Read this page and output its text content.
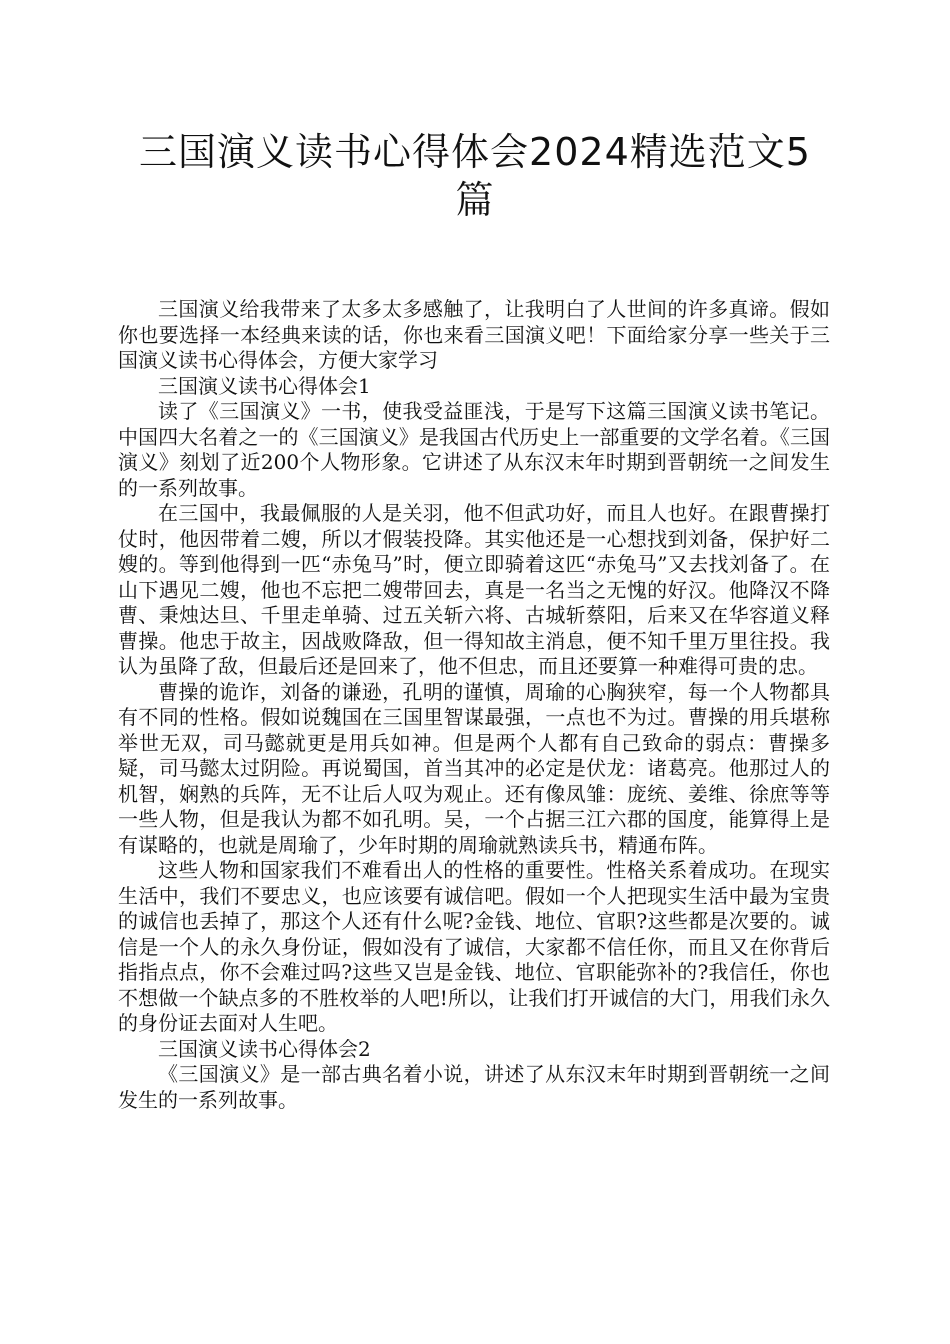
三国演义读书心得体会2024精选范文5篇

三国演义给我带来了太多太多感触了，让我明白了人世间的许多真谛。假如你也要选择一本经典来读的话，你也来看三国演义吧！下面给家分享一些关于三国演义读书心得体会，方便大家学习

三国演义读书心得体会1

读了《三国演义》一书，使我受益匪浅，于是写下这篇三国演义读书笔记。中国四大名着之一的《三国演义》是我国古代历史上一部重要的文学名着。《三国演义》刻划了近200个人物形象。它讲述了从东汉末年时期到晋朝统一之间发生的一系列故事。

在三国中，我最佩服的人是关羽，他不但武功好，而且人也好。在跟曹操打仗时，他因带着二嫂，所以才假装投降。其实他还是一心想找到刘备，保护好二嫂的。等到他得到一匹“赤兔马”时，便立即骑着这匹“赤兔马”又去找刘备了。在山下遇见二嫂，他也不忘把二嫂带回去，真是一名当之无愧的好汉。他降汉不降曹、秉烛达旦、千里走单骑、过五关斩六将、古城斩蔡阳，后来又在华容道义释曹操。他忠于故主，因战败降敌，但一得知故主消息，便不知千里万里往投。我认为虽降了敌，但最后还是回来了，他不但忠，而且还要算一种难得可贵的忠。

曹操的诡诈，刘备的谦逊，孔明的谨慎，周瑜的心胸狭窄，每一个人物都具有不同的性格。假如说魏国在三国里智谋最强，一点也不为过。曹操的用兵堪称举世无双，司马懿就更是用兵如神。但是两个人都有自己致命的弱点：曹操多疑，司马懿太过阴险。再说蜀国，首当其冲的必定是伏龙：诸葛亮。他那过人的机智，娴熟的兵阵，无不让后人叹为观止。还有像凤雏：庞统、姜维、徐庶等等一些人物，但是我认为都不如孔明。吴，一个占据三江六郡的国度，能算得上是有谋略的，也就是周瑜了，少年时期的周瑜就熟读兵书，精通布阵。

这些人物和国家我们不难看出人的性格的重要性。性格关系着成功。在现实生活中，我们不要忠义，也应该要有诚信吧。假如一个人把现实生活中最为宝贵的诚信也丢掉了，那这个人还有什么呢?金钱、地位、官职?这些都是次要的。诚信是一个人的永久身份证，假如没有了诚信，大家都不信任你，而且又在你背后指指点点，你不会难过吗?这些又岂是金钱、地位、官职能弥补的?我信任，你也不想做一个缺点多的不胜枚举的人吧!所以，让我们打开诚信的大门，用我们永久的身份证去面对人生吧。

三国演义读书心得体会2

《三国演义》是一部古典名着小说，讲述了从东汉末年时期到晋朝统一之间发生的一系列故事。
